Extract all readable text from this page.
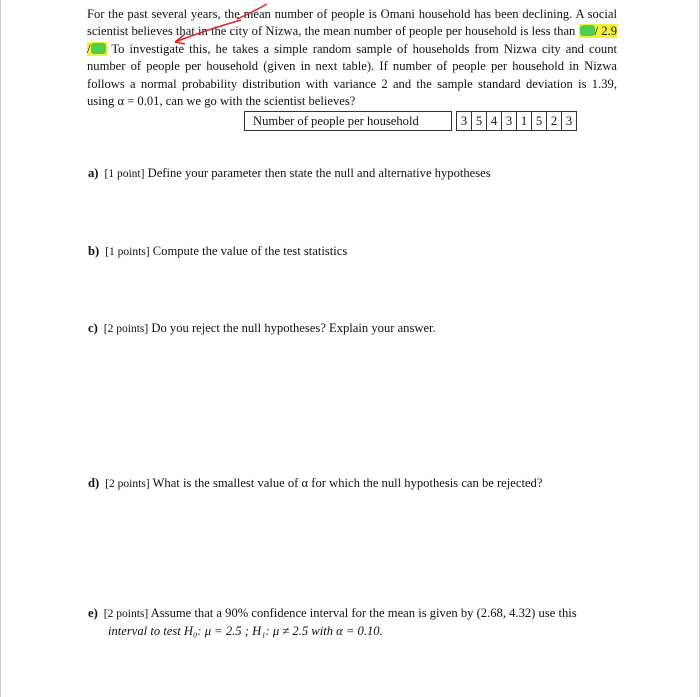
For the past several years, the mean number of people is Omani household has been declining. A social scientist believes that in the city of Nizwa, the mean number of people per household is less than / 2.9 / To investigate this, he takes a simple random sample of households from Nizwa city and count number of people per household (given in next table). If number of people per household in Nizwa follows a normal probability distribution with variance 2 and the sample standard deviation is 1.39, using α = 0.01, can we go with the scientist believes?

Number of people per household		3	5	4	3	1	5	2	3

a) [1 point] Define your parameter then state the null and alternative hypotheses

b) [1 points] Compute the value of the test statistics

c) [2 points] Do you reject the null hypotheses? Explain your answer.

d) [2 points] What is the smallest value of α for which the null hypothesis can be rejected?

e) [2 points] Assume that a 90% confidence interval for the mean is given by (2.68, 4.32) use this
interval to test H₀: μ = 2.5 ; H₁: μ ≠ 2.5 with α = 0.10.
